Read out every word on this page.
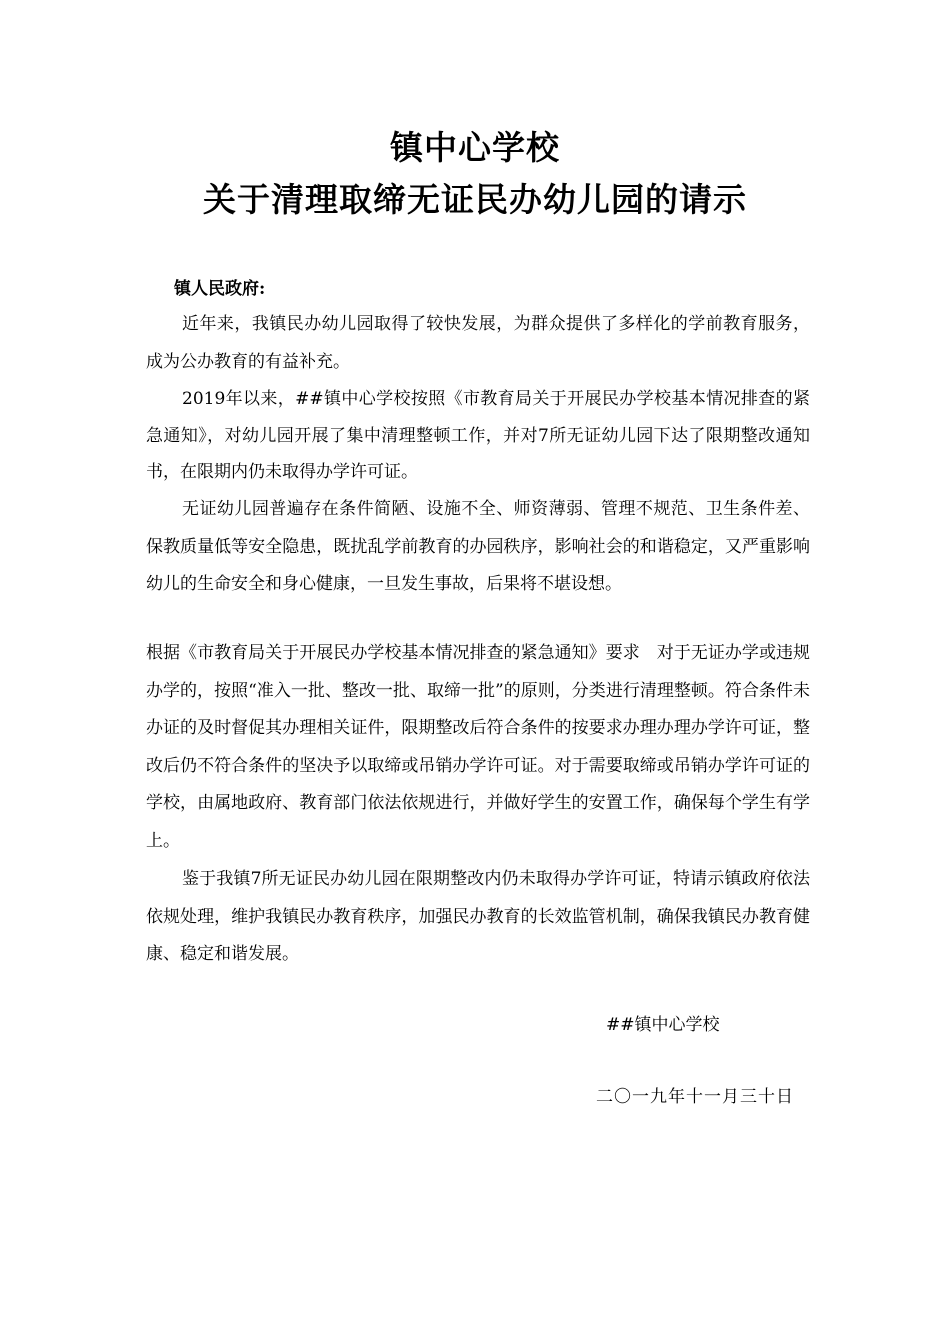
镇中心学校
关于清理取缔无证民办幼儿园的请示

镇人民政府:

近年来，我镇民办幼儿园取得了较快发展，为群众提供了多样化的学前教育服务，成为公办教育的有益补充。

2019年以来，##镇中心学校按照《市教育局关于开展民办学校基本情况排查的紧急通知》，对幼儿园开展了集中清理整顿工作，并对7所无证幼儿园下达了限期整改通知书，在限期内仍未取得办学许可证。

无证幼儿园普遍存在条件简陋、设施不全、师资薄弱、管理不规范、卫生条件差、保教质量低等安全隐患，既扰乱学前教育的办园秩序，影响社会的和谐稳定，又严重影响幼儿的生命安全和身心健康，一旦发生事故，后果将不堪设想。

根据《市教育局关于开展民办学校基本情况排查的紧急通知》要求　对于无证办学或违规办学的，按照“准入一批、整改一批、取缔一批”的原则，分类进行清理整顿。符合条件未办证的及时督促其办理相关证件，限期整改后符合条件的按要求办理办理办学许可证，整改后仍不符合条件的坚决予以取缔或吊销办学许可证。对于需要取缔或吊销办学许可证的学校，由属地政府、教育部门依法依规进行，并做好学生的安置工作，确保每个学生有学上。

鉴于我镇7所无证民办幼儿园在限期整改内仍未取得办学许可证，特请示镇政府依法依规处理，维护我镇民办教育秩序，加强民办教育的长效监管机制，确保我镇民办教育健康、稳定和谐发展。

##镇中心学校

二〇一九年十一月三十日
